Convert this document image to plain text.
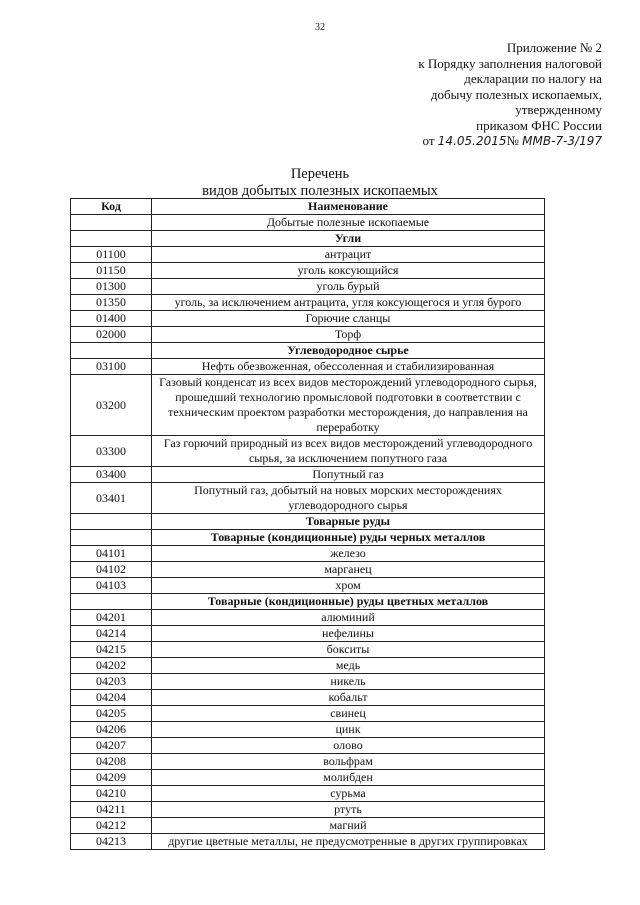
32
Приложение № 2
к Порядку заполнения налоговой
декларации по налогу на
добычу полезных ископаемых,
утвержденному
приказом ФНС России
от 14.05.2015№ ММВ-7-3/197
Перечень
видов добытых полезных ископаемых
Код	Наименование
	Добытые полезные ископаемые
	Угли
01100	антрацит
01150	уголь коксующийся
01300	уголь бурый
01350	уголь, за исключением антрацита, угля коксующегося и угля бурого
01400	Горючие сланцы
02000	Торф
	Углеводородное сырье
03100	Нефть обезвоженная, обессоленная и стабилизированная
03200	Газовый конденсат из всех видов месторождений углеводородного сырья, прошедший технологию промысловой подготовки в соответствии с техническим проектом разработки месторождения, до направления на переработку
03300	Газ горючий природный из всех видов месторождений углеводородного сырья, за исключением попутного газа
03400	Попутный газ
03401	Попутный газ, добытый на новых морских месторождениях углеводородного сырья
	Товарные руды
	Товарные (кондиционные) руды черных металлов
04101	железо
04102	марганец
04103	хром
	Товарные (кондиционные) руды цветных металлов
04201	алюминий
04214	нефелины
04215	бокситы
04202	медь
04203	никель
04204	кобальт
04205	свинец
04206	цинк
04207	олово
04208	вольфрам
04209	молибден
04210	сурьма
04211	ртуть
04212	магний
04213	другие цветные металлы, не предусмотренные в других группировках
